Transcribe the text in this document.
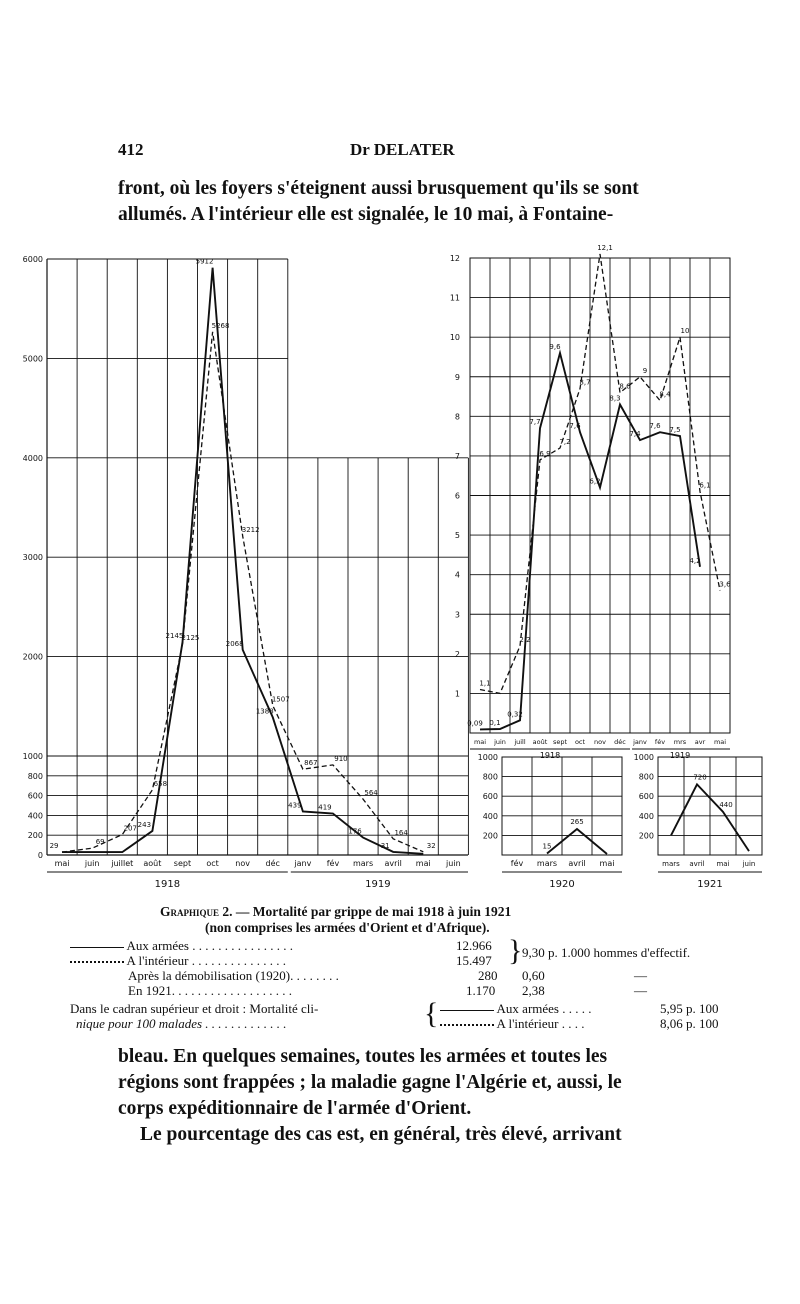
412	Dr DELATER
front, où les foyers s'éteignent aussi brusquement qu'ils se sont
allumés. A l'intérieur elle est signalée, le 10 mai, à Fontaine-
0
200
400
600
800
1000
2000
3000
4000
5000
6000
mai juin juillet août sept oct nov déc janv fév mars avril mai juin
1918	1919
29
243
2145
5912
2068
1388
439 419
176
31
69
207
658
2125
5268
3212
1507
867
910
564
164
32
200
400
600
800
1000
fév mars avril mai
1920
15
265
200
400
600
800
1000
mars avril mai juin
1921
720
440
1
2
3
4
5
6
7
8
9
10
11
12
mai juin juill août sept oct nov déc janv fév mrs avr mai
1918	1919
0,09 0,1
0,32
7,7
9,6
7,6
6,2
8,3
7,4
7,6 7,5
4,2
1,1
2,2
6,9
7,2
8,7
12,1
8,6
9
8,4
10
6,1
3,6
Graphique 2. — Mortalité par grippe de mai 1918 à juin 1921
(non comprises les armées d'Orient et d'Afrique).
Aux armées . . . . . . . . . . . . . . . .	12.966
A l'intérieur . . . . . . . . . . . . . . .	15.497 } 9,30 p. 1.000 hommes d'effectif.
Après la démobilisation (1920). . . . . . . .	280 0,60	—
En 1921. . . . . . . . . . . . . . . . . . .	1.170 2,38	—
Dans le cadran supérieur et droit : Mortalité cli-
nique pour 100 malades . . . . . . . . . . . . .	{	Aux armées . . . . .	5,95 p. 100
A l'intérieur . . . .	8,06 p. 100
bleau. En quelques semaines, toutes les armées et toutes les
régions sont frappées ; la maladie gagne l'Algérie et, aussi, le
corps expéditionnaire de l'armée d'Orient.
Le pourcentage des cas est, en général, très élevé, arrivant
